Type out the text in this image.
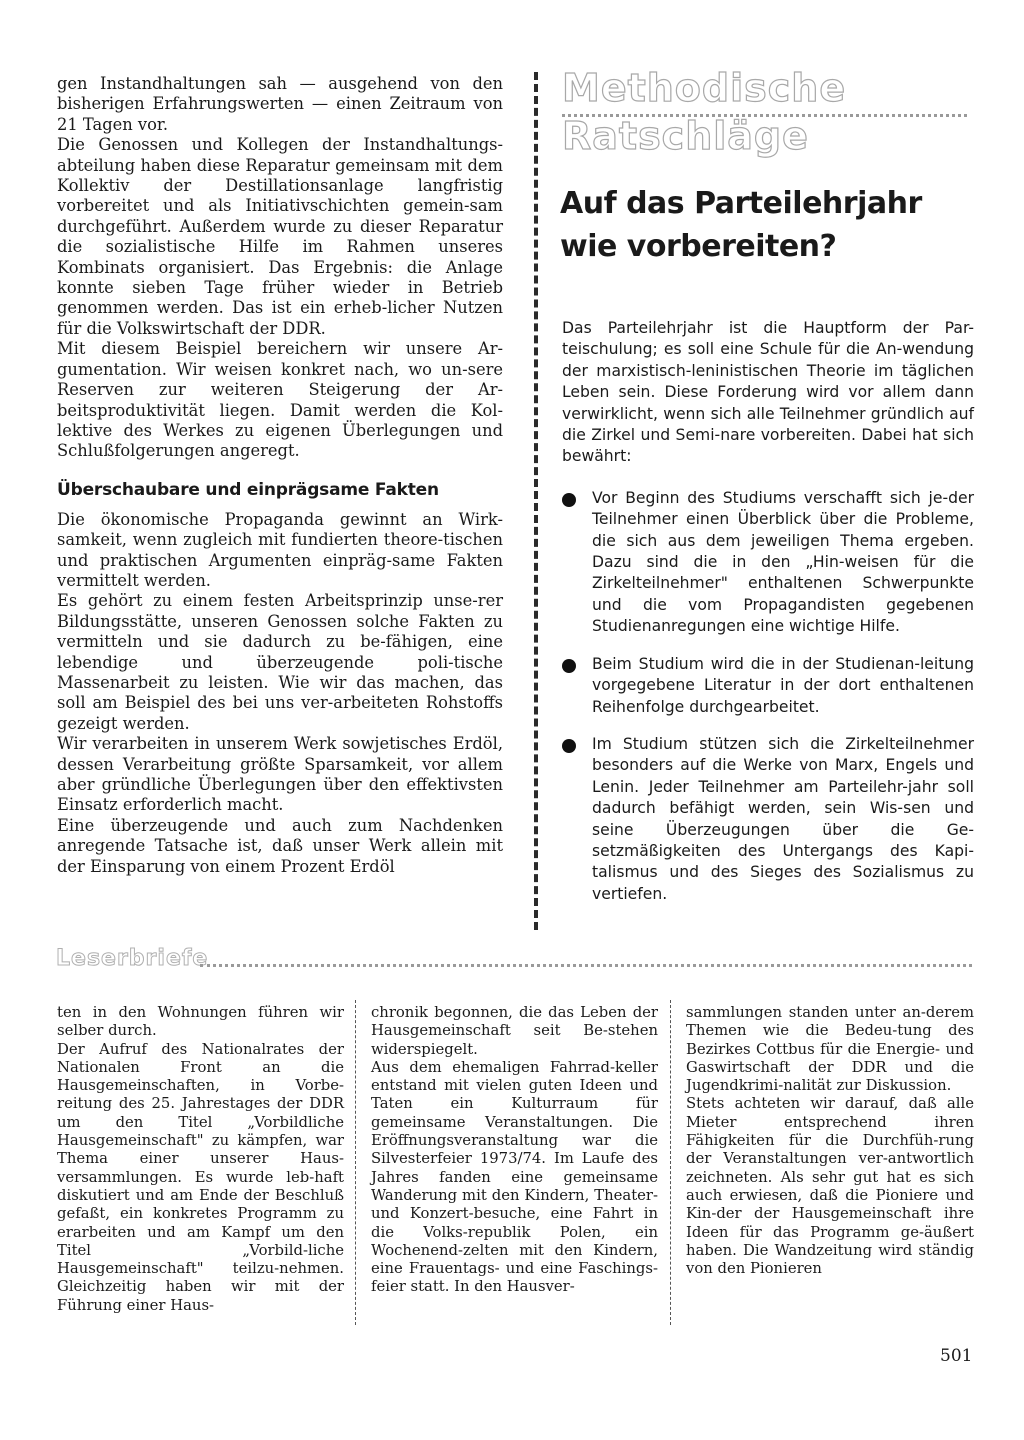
gen Instandhaltungen sah — ausgehend von den bisherigen Erfahrungswerten — einen Zeitraum von 21 Tagen vor.

Die Genossen und Kollegen der Instandhaltungs-abteilung haben diese Reparatur gemeinsam mit dem Kollektiv der Destillationsanlage langfristig vorbereitet und als Initiativschichten gemein-sam durchgeführt. Außerdem wurde zu dieser Reparatur die sozialistische Hilfe im Rahmen unseres Kombinats organisiert. Das Ergebnis: die Anlage konnte sieben Tage früher wieder in Betrieb genommen werden. Das ist ein erheb-licher Nutzen für die Volkswirtschaft der DDR.

Mit diesem Beispiel bereichern wir unsere Ar-gumentation. Wir weisen konkret nach, wo un-sere Reserven zur weiteren Steigerung der Ar-beitsproduktivität liegen. Damit werden die Kol-lektive des Werkes zu eigenen Überlegungen und Schlußfolgerungen angeregt.

Überschaubare und einprägsame Fakten

Die ökonomische Propaganda gewinnt an Wirk-samkeit, wenn zugleich mit fundierten theore-tischen und praktischen Argumenten einpräg-same Fakten vermittelt werden.

Es gehört zu einem festen Arbeitsprinzip unse-rer Bildungsstätte, unseren Genossen solche Fakten zu vermitteln und sie dadurch zu be-fähigen, eine lebendige und überzeugende poli-tische Massenarbeit zu leisten. Wie wir das machen, das soll am Beispiel des bei uns ver-arbeiteten Rohstoffs gezeigt werden.

Wir verarbeiten in unserem Werk sowjetisches Erdöl, dessen Verarbeitung größte Sparsamkeit, vor allem aber gründliche Überlegungen über den effektivsten Einsatz erforderlich macht.

Eine überzeugende und auch zum Nachdenken anregende Tatsache ist, daß unser Werk allein mit der Einsparung von einem Prozent Erdöl

Methodische Ratschläge
Auf das Parteilehrjahr
wie vorbereiten?

Das Parteilehrjahr ist die Hauptform der Par-teischulung; es soll eine Schule für die An-wendung der marxistisch-leninistischen Theorie im täglichen Leben sein. Diese Forderung wird vor allem dann verwirklicht, wenn sich alle Teilnehmer gründlich auf die Zirkel und Semi-nare vorbereiten. Dabei hat sich bewährt:

Vor Beginn des Studiums verschafft sich je-der Teilnehmer einen Überblick über die Probleme, die sich aus dem jeweiligen Thema ergeben. Dazu sind die in den „Hin-weisen für die Zirkelteilnehmer" enthaltenen Schwerpunkte und die vom Propagandisten gegebenen Studienanregungen eine wichtige Hilfe.

Beim Studium wird die in der Studienan-leitung vorgegebene Literatur in der dort enthaltenen Reihenfolge durchgearbeitet.

Im Studium stützen sich die Zirkelteilnehmer besonders auf die Werke von Marx, Engels und Lenin. Jeder Teilnehmer am Parteilehr-jahr soll dadurch befähigt werden, sein Wis-sen und seine Überzeugungen über die Ge-setzmäßigkeiten des Untergangs des Kapi-talismus und des Sieges des Sozialismus zu vertiefen.

Leserbriefe

ten in den Wohnungen führen wir selber durch.
Der Aufruf des Nationalrates der Nationalen Front an die Hausgemeinschaften, in Vorbe-reitung des 25. Jahrestages der DDR um den Titel „Vorbildliche Hausgemeinschaft" zu kämpfen, war Thema einer unserer Haus-versammlungen. Es wurde leb-haft diskutiert und am Ende der Beschluß gefaßt, ein konkretes Programm zu erarbeiten und am Kampf um den Titel „Vorbild-liche Hausgemeinschaft" teilzu-nehmen. Gleichzeitig haben wir mit der Führung einer Haus-

chronik begonnen, die das Leben der Hausgemeinschaft seit Be-stehen widerspiegelt.
Aus dem ehemaligen Fahrrad-keller entstand mit vielen guten Ideen und Taten ein Kulturraum für gemeinsame Veranstaltungen. Die Eröffnungsveranstaltung war die Silvesterfeier 1973/74. Im Laufe des Jahres fanden eine gemeinsame Wanderung mit den Kindern, Theater- und Konzert-besuche, eine Fahrt in die Volks-republik Polen, ein Wochenend-zelten mit den Kindern, eine Frauentags- und eine Faschings-feier statt. In den Hausver-

sammlungen standen unter an-derem Themen wie die Bedeu-tung des Bezirkes Cottbus für die Energie- und Gaswirtschaft der DDR und die Jugendkrimi-nalität zur Diskussion.
Stets achteten wir darauf, daß alle Mieter entsprechend ihren Fähigkeiten für die Durchfüh-rung der Veranstaltungen ver-antwortlich zeichneten. Als sehr gut hat es sich auch erwiesen, daß die Pioniere und Kin-der der Hausgemeinschaft ihre Ideen für das Programm ge-äußert haben. Die Wandzeitung wird ständig von den Pionieren

501
